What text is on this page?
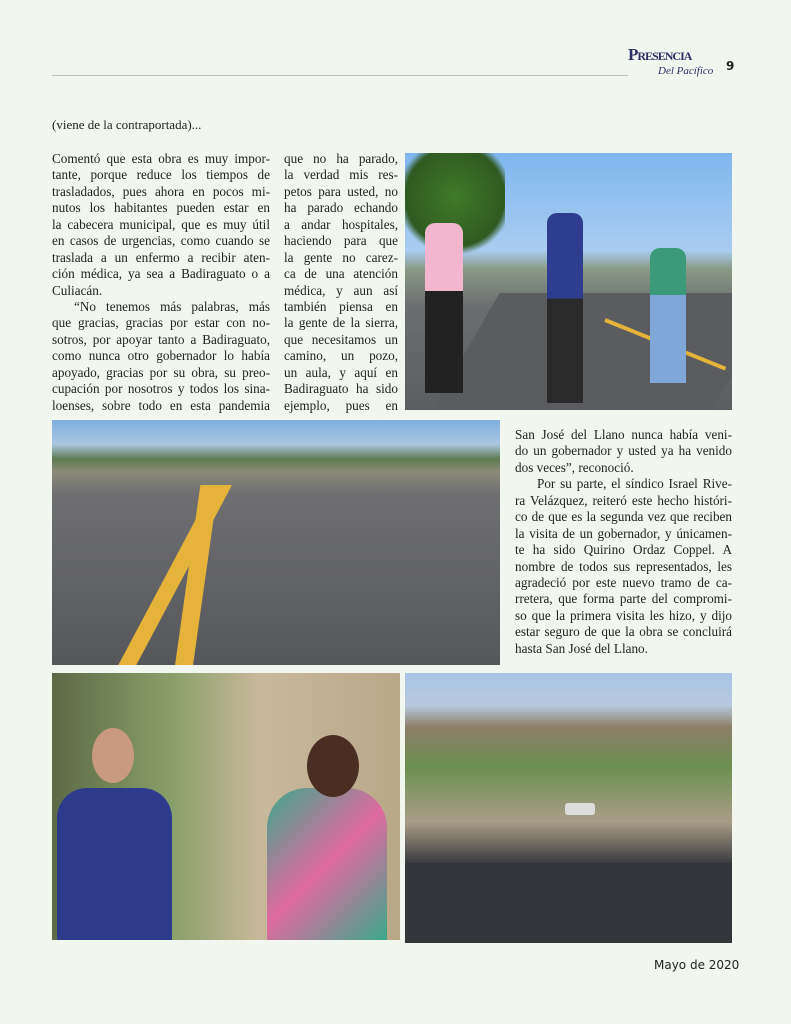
Presencia
Del Pacífico 9
(viene de la contraportada)...
Comentó que esta obra es muy impor-
tante, porque reduce los tiempos de
trasladados, pues ahora en pocos mi-
nutos los habitantes pueden estar en
la cabecera municipal, que es muy útil
en casos de urgencias, como cuando se
traslada a un enfermo a recibir aten-
ción médica, ya sea a Badiraguato o a
Culiacán.
“No tenemos más palabras, más
que gracias, gracias por estar con no-
sotros, por apoyar tanto a Badiraguato,
como nunca otro gobernador lo había
apoyado, gracias por su obra, su preo-
cupación por nosotros y todos los sina-
loenses, sobre todo en esta pandemia
que no ha parado,
la verdad mis res-
petos para usted, no
ha parado echando
a andar hospitales,
haciendo para que
la gente no carez-
ca de una atención
médica, y aun así
también piensa en
la gente de la sierra,
que necesitamos un
camino, un pozo,
un aula, y aquí en
Badiraguato ha sido
ejemplo, pues en
San José del Llano nunca había veni-
do un gobernador y usted ya ha venido
dos veces”, reconoció.
Por su parte, el síndico Israel Rive-
ra Velázquez, reiteró este hecho históri-
co de que es la segunda vez que reciben
la visita de un gobernador, y únicamen-
te ha sido Quirino Ordaz Coppel. A
nombre de todos sus representados, les
agradeció por este nuevo tramo de ca-
rretera, que forma parte del compromi-
so que la primera visita les hizo, y dijo
estar seguro de que la obra se concluirá
hasta San José del Llano.
Mayo de 2020
